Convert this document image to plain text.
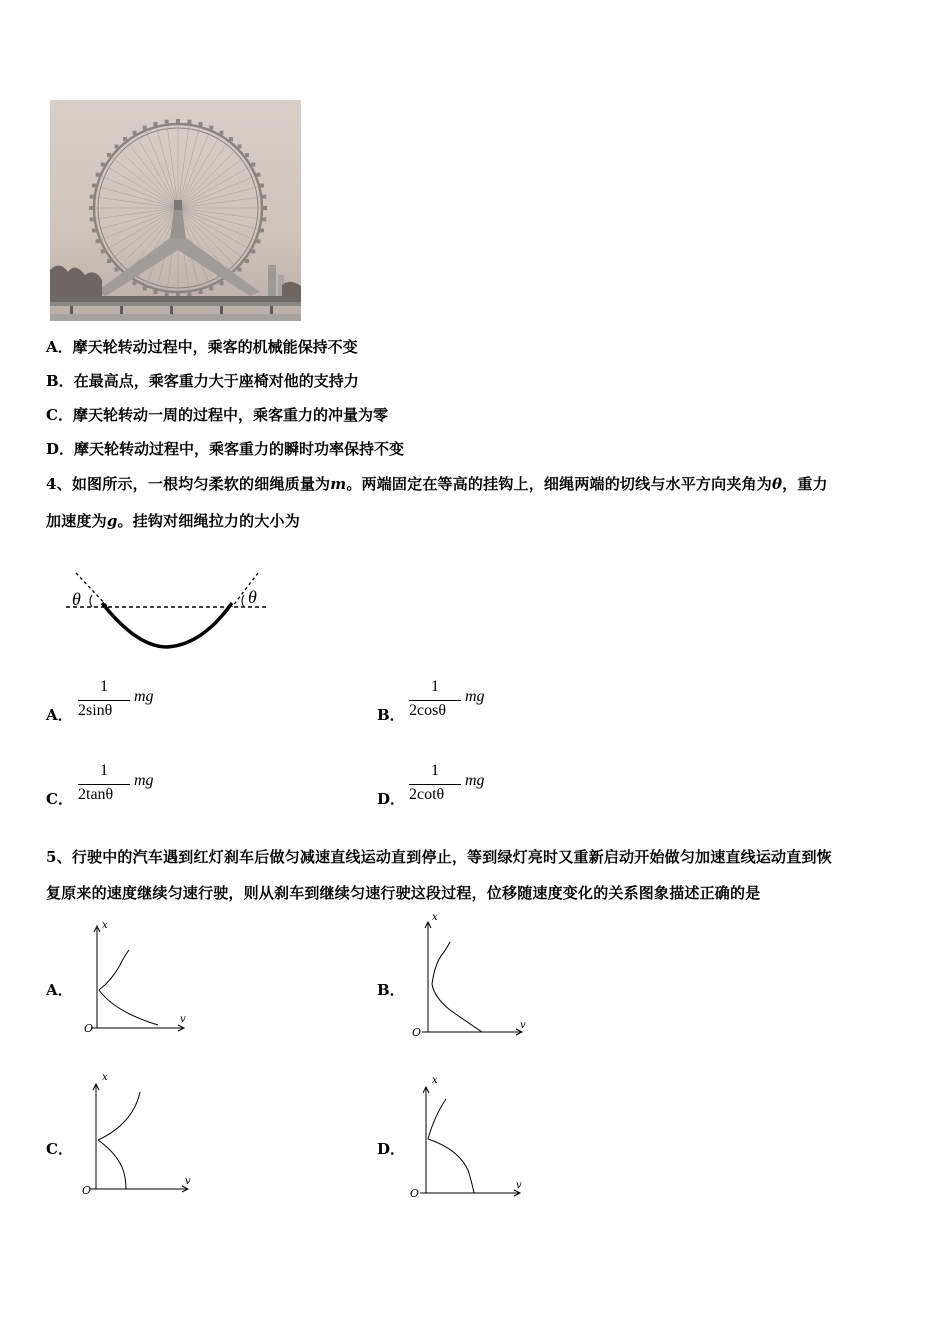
A．摩天轮转动过程中，乘客的机械能保持不变
B．在最高点，乘客重力大于座椅对他的支持力
C．摩天轮转动一周的过程中，乘客重力的冲量为零
D．摩天轮转动过程中，乘客重力的瞬时功率保持不变
4、如图所示，一根均匀柔软的细绳质量为m。两端固定在等高的挂钩上，细绳两端的切线与水平方向夹角为θ，重力
加速度为g。挂钩对细绳拉力的大小为
θ	θ
A．
1
2sinθ
mg
B．
1
2cosθ
mg
C．
1
2tanθ
mg
D．
1
2cotθ
mg
5、行驶中的汽车遇到红灯刹车后做匀减速直线运动直到停止，等到绿灯亮时又重新启动开始做匀加速直线运动直到恢
复原来的速度继续匀速行驶，则从刹车到继续匀速行驶这段过程，位移随速度变化的关系图象描述正确的是
A．
x
v
O
B．
x
v
O
C．
x
v
O
D．
x
v
O
